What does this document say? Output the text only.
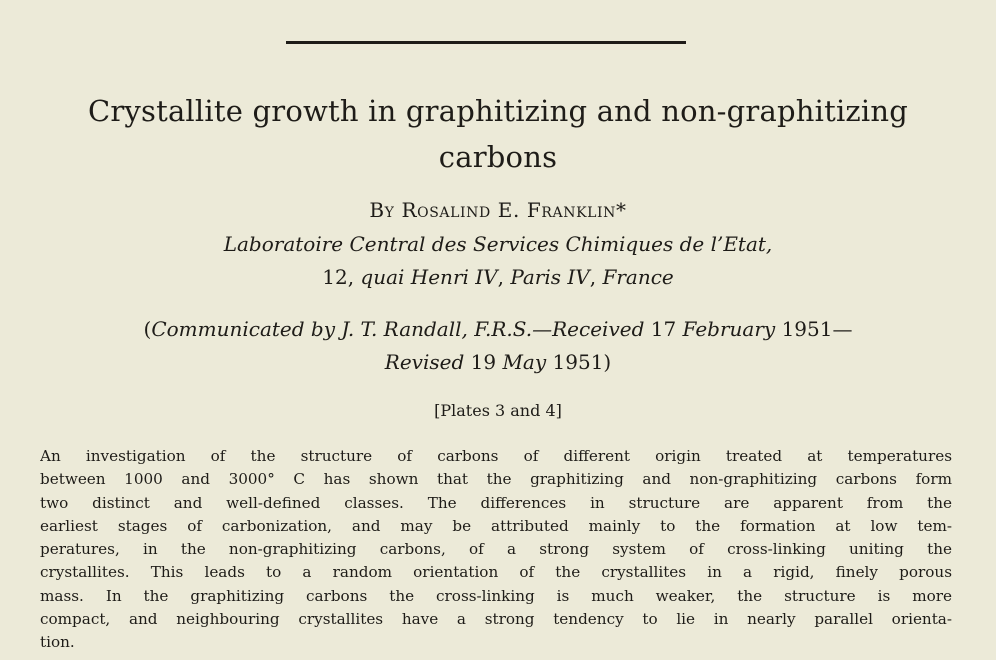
Crystallite growth in graphitizing and non-graphitizing
carbons
By Rosalind E. Franklin*
Laboratoire Central des Services Chimiques de l’Etat,
12, quai Henri IV, Paris IV, France
(Communicated by J. T. Randall, F.R.S.—Received 17 February 1951—
Revised 19 May 1951)
[Plates 3 and 4]
An investigation of the structure of carbons of different origin treated at temperatures
between 1000 and 3000° C has shown that the graphitizing and non-graphitizing carbons form
two distinct and well-defined classes. The differences in structure are apparent from the
earliest stages of carbonization, and may be attributed mainly to the formation at low tem-
peratures, in the non-graphitizing carbons, of a strong system of cross-linking uniting the
crystallites. This leads to a random orientation of the crystallites in a rigid, finely porous
mass. In the graphitizing carbons the cross-linking is much weaker, the structure is more
compact, and neighbouring crystallites have a strong tendency to lie in nearly parallel orienta-
tion.
